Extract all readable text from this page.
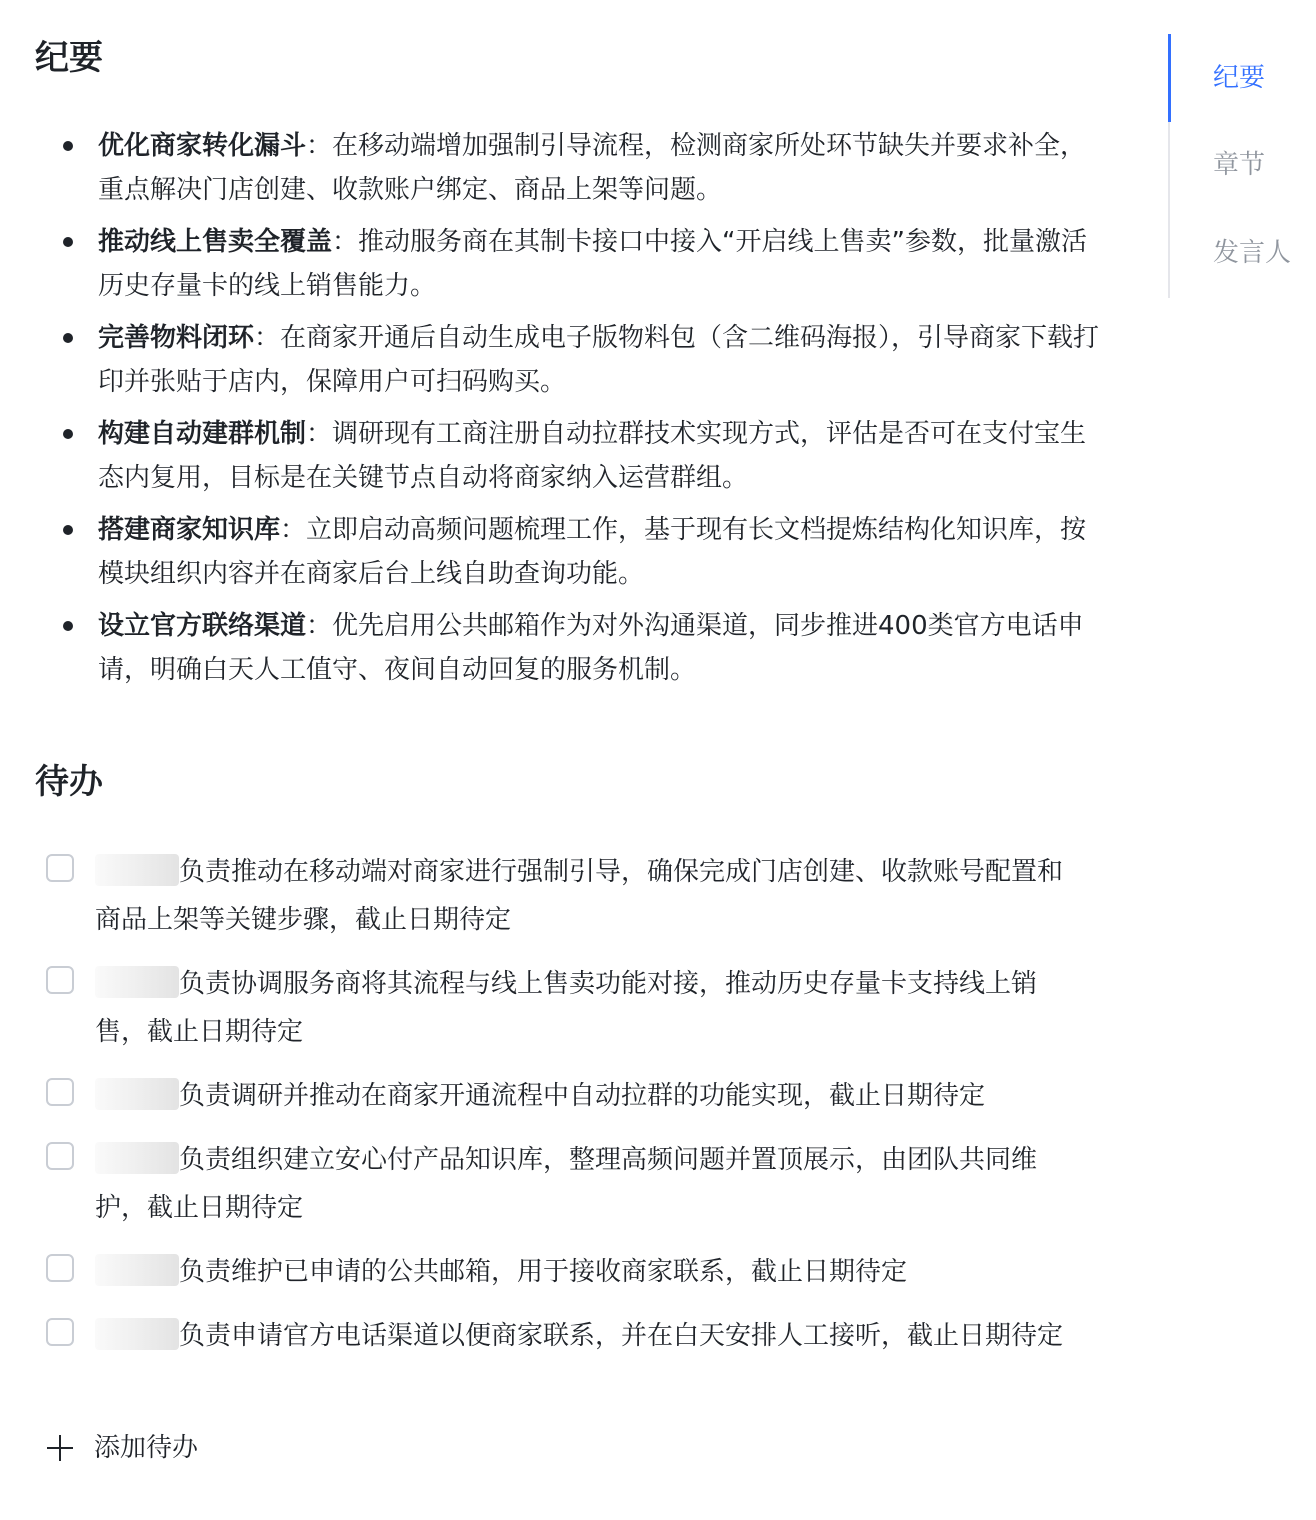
纪要
优化商家转化漏斗：在移动端增加强制引导流程，检测商家所处环节缺失并要求补全，重点解决门店创建、收款账户绑定、商品上架等问题。
推动线上售卖全覆盖：推动服务商在其制卡接口中接入“开启线上售卖”参数，批量激活历史存量卡的线上销售能力。
完善物料闭环：在商家开通后自动生成电子版物料包（含二维码海报），引导商家下载打印并张贴于店内，保障用户可扫码购买。
构建自动建群机制：调研现有工商注册自动拉群技术实现方式，评估是否可在支付宝生态内复用，目标是在关键节点自动将商家纳入运营群组。
搭建商家知识库：立即启动高频问题梳理工作，基于现有长文档提炼结构化知识库，按模块组织内容并在商家后台上线自助查询功能。
设立官方联络渠道：优先启用公共邮箱作为对外沟通渠道，同步推进400类官方电话申请，明确白天人工值守、夜间自动回复的服务机制。
待办
负责推动在移动端对商家进行强制引导，确保完成门店创建、收款账号配置和商品上架等关键步骤，截止日期待定
负责协调服务商将其流程与线上售卖功能对接，推动历史存量卡支持线上销售，截止日期待定
负责调研并推动在商家开通流程中自动拉群的功能实现，截止日期待定
负责组织建立安心付产品知识库，整理高频问题并置顶展示，由团队共同维护，截止日期待定
负责维护已申请的公共邮箱，用于接收商家联系，截止日期待定
负责申请官方电话渠道以便商家联系，并在白天安排人工接听，截止日期待定
添加待办
纪要
章节
发言人
